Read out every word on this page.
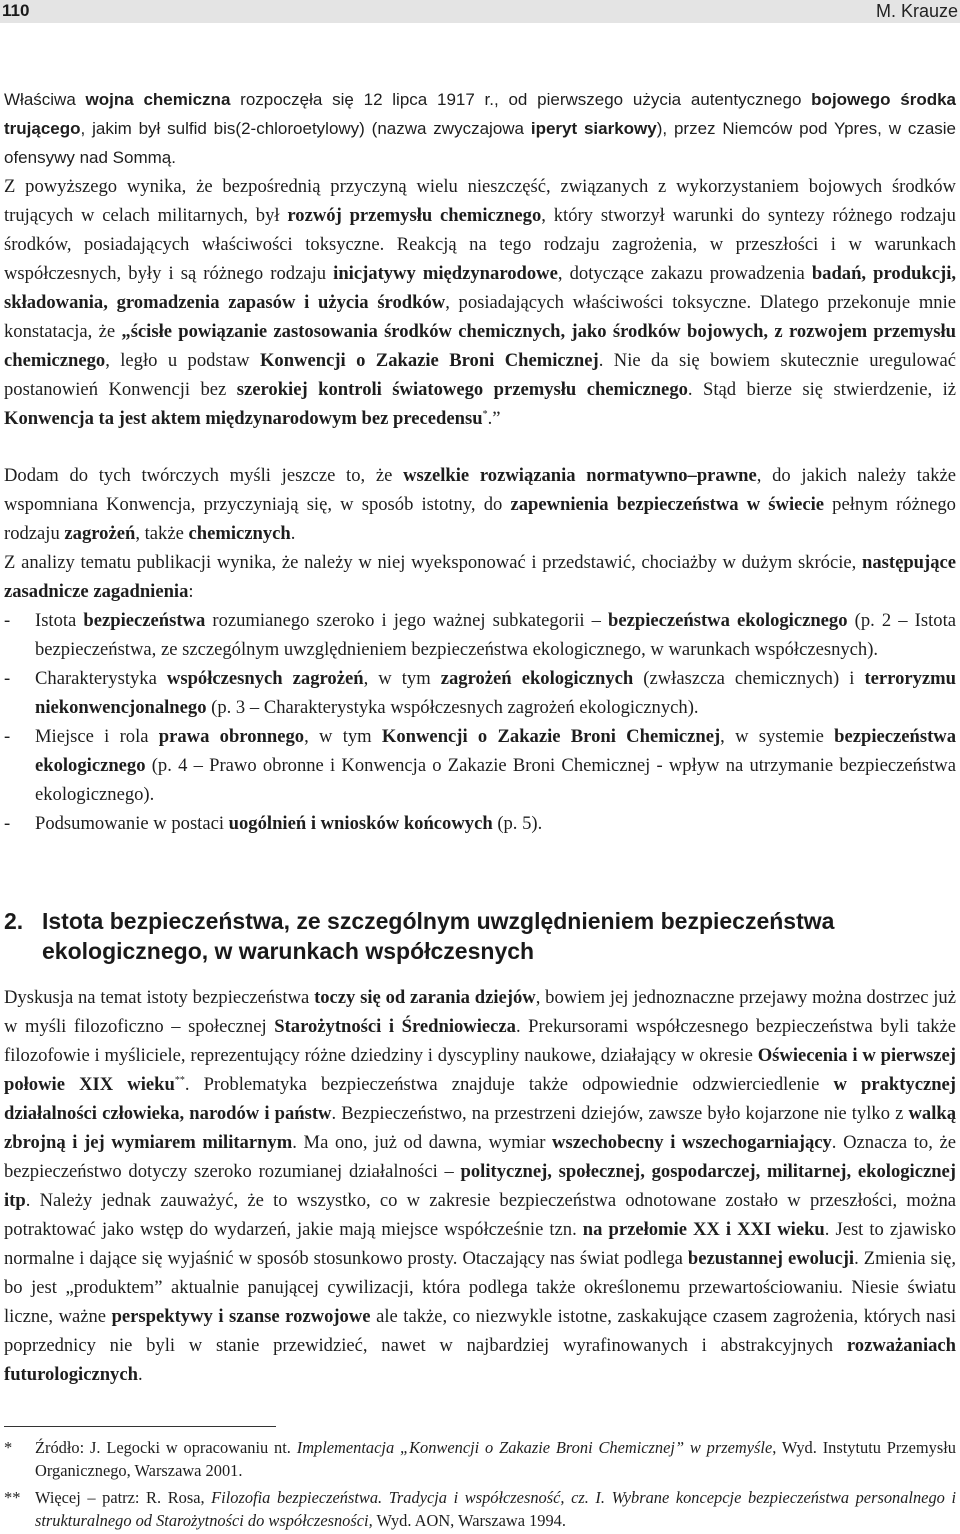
110	M. Krauze

Właściwa wojna chemiczna rozpoczęła się 12 lipca 1917 r., od pierwszego użycia autentycznego bojowego środka trującego, jakim był sulfid bis(2-chloroetylowy) (nazwa zwyczajowa iperyt siarkowy), przez Niemców pod Ypres, w czasie ofensywy nad Sommą.

Z powyższego wynika, że bezpośrednią przyczyną wielu nieszczęść, związanych z wykorzystaniem bojowych środków trujących w celach militarnych, był rozwój przemysłu chemicznego, który stworzył warunki do syntezy różnego rodzaju środków, posiadających właściwości toksyczne. Reakcją na tego rodzaju zagrożenia, w przeszłości i w warunkach współczesnych, były i są różnego rodzaju inicjatywy międzynarodowe, dotyczące zakazu prowadzenia badań, produkcji, składowania, gromadzenia zapasów i użycia środków, posiadających właściwości toksyczne. Dlatego przekonuje mnie konstatacja, że „ścisłe powiązanie zastosowania środków chemicznych, jako środków bojowych, z rozwojem przemysłu chemicznego, legło u podstaw Konwencji o Zakazie Broni Chemicznej. Nie da się bowiem skutecznie uregulować postanowień Konwencji bez szerokiej kontroli światowego przemysłu chemicznego. Stąd bierze się stwierdzenie, iż Konwencja ta jest aktem międzynarodowym bez precedensu*.”

Dodam do tych twórczych myśli jeszcze to, że wszelkie rozwiązania normatywno–prawne, do jakich należy także wspomniana Konwencja, przyczyniają się, w sposób istotny, do zapewnienia bezpieczeństwa w świecie pełnym różnego rodzaju zagrożeń, także chemicznych.

Z analizy tematu publikacji wynika, że należy w niej wyeksponować i przedstawić, chociażby w dużym skrócie, następujące zasadnicze zagadnienia:

- Istota bezpieczeństwa rozumianego szeroko i jego ważnej subkategorii – bezpieczeństwa ekologicznego (p. 2 – Istota bezpieczeństwa, ze szczególnym uwzględnieniem bezpieczeństwa ekologicznego, w warunkach współczesnych).
- Charakterystyka współczesnych zagrożeń, w tym zagrożeń ekologicznych (zwłaszcza chemicznych) i terroryzmu niekonwencjonalnego (p. 3 – Charakterystyka współczesnych zagrożeń ekologicznych).
- Miejsce i rola prawa obronnego, w tym Konwencji o Zakazie Broni Chemicznej, w systemie bezpieczeństwa ekologicznego (p. 4 – Prawo obronne i Konwencja o Zakazie Broni Chemicznej - wpływ na utrzymanie bezpieczeństwa ekologicznego).
- Podsumowanie w postaci uogólnień i wniosków końcowych (p. 5).
2. Istota bezpieczeństwa, ze szczególnym uwzględnieniem bezpieczeństwa ekologicznego, w warunkach współczesnych

Dyskusja na temat istoty bezpieczeństwa toczy się od zarania dziejów, bowiem jej jednoznaczne przejawy można dostrzec już w myśli filozoficzno – społecznej Starożytności i Średniowiecza. Prekursorami współczesnego bezpieczeństwa byli także filozofowie i myśliciele, reprezentujący różne dziedziny i dyscypliny naukowe, działający w okresie Oświecenia i w pierwszej połowie XIX wieku**. Problematyka bezpieczeństwa znajduje także odpowiednie odzwierciedlenie w praktycznej działalności człowieka, narodów i państw. Bezpieczeństwo, na przestrzeni dziejów, zawsze było kojarzone nie tylko z walką zbrojną i jej wymiarem militarnym. Ma ono, już od dawna, wymiar wszechobecny i wszechogarniający. Oznacza to, że bezpieczeństwo dotyczy szeroko rozumianej działalności – politycznej, społecznej, gospodarczej, militarnej, ekologicznej itp. Należy jednak zauważyć, że to wszystko, co w zakresie bezpieczeństwa odnotowane zostało w przeszłości, można potraktować jako wstęp do wydarzeń, jakie mają miejsce współcześnie tzn. na przełomie XX i XXI wieku. Jest to zjawisko normalne i dające się wyjaśnić w sposób stosunkowo prosty. Otaczający nas świat podlega bezustannej ewolucji. Zmienia się, bo jest „produktem” aktualnie panującej cywilizacji, która podlega także określonemu przewartościowaniu. Niesie światu liczne, ważne perspektywy i szanse rozwojowe ale także, co niezwykle istotne, zaskakujące czasem zagrożenia, których nasi poprzednicy nie byli w stanie przewidzieć, nawet w najbardziej wyrafinowanych i abstrakcyjnych rozważaniach futurologicznych.

*	Źródło: J. Legocki w opracowaniu nt. Implementacja „Konwencji o Zakazie Broni Chemicznej” w przemyśle, Wyd. Instytutu Przemysłu Organicznego, Warszawa 2001.

** Więcej – patrz: R. Rosa, Filozofia bezpieczeństwa. Tradycja i współczesność, cz. I. Wybrane koncepcje bezpieczeństwa personalnego i strukturalnego od Starożytności do współczesności, Wyd. AON, Warszawa 1994.
